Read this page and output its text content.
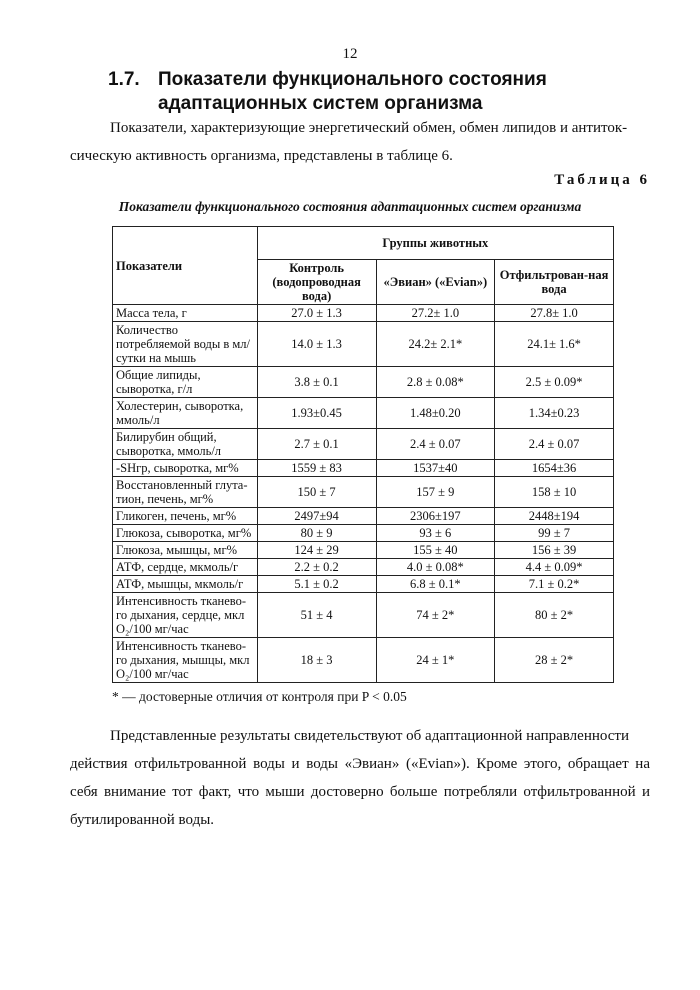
12
1.7. Показатели функционального состояния
адаптационных систем организма
Показатели, характеризующие энергетический обмен, обмен липидов и антиток-
сическую активность организма, представлены в таблице 6.
Таблица 6
Показатели функционального состояния адаптационных систем организма
Показатели	Группы животных		
	Контроль (водопроводная вода)	«Эвиан» («Evian»)	Отфильтрован-ная вода
Масса тела, г	27.0 ± 1.3	27.2± 1.0	27.8± 1.0
Количество потребляемой воды в мл/сутки на мышь	14.0 ± 1.3	24.2± 2.1*	24.1± 1.6*
Общие липиды, сыворотка, г/л	3.8 ± 0.1	2.8 ± 0.08*	2.5 ± 0.09*
Холестерин, сыворотка, ммоль/л	1.93±0.45	1.48±0.20	1.34±0.23
Билирубин общий, сыворотка, ммоль/л	2.7 ± 0.1	2.4 ± 0.07	2.4 ± 0.07
-SHгр, сыворотка, мг%	1559 ± 83	1537±40	1654±36
Восстановленный глута-тион, печень, мг%	150 ± 7	157 ± 9	158 ± 10
Гликоген, печень, мг%	2497±94	2306±197	2448±194
Глюкоза, сыворотка, мг%	80 ± 9	93 ± 6	99 ± 7
Глюкоза, мышцы, мг%	124 ± 29	155 ± 40	156 ± 39
АТФ, сердце, мкмоль/г	2.2 ± 0.2	4.0 ± 0.08*	4.4 ± 0.09*
АТФ, мышцы, мкмоль/г	5.1 ± 0.2	6.8 ± 0.1*	7.1 ± 0.2*
Интенсивность тканево-го дыхания, сердце, мкл O₂/100 мг/час	51 ± 4	74 ± 2*	80 ± 2*
Интенсивность тканево-го дыхания, мышцы, мкл O₂/100 мг/час	18 ± 3	24 ± 1*	28 ± 2*
* — достоверные отличия от контроля при P < 0.05
Представленные результаты свидетельствуют об адаптационной направленности
действия отфильтрованной воды и воды «Эвиан» («Evian»). Кроме этого, обращает на себя внимание тот факт, что мыши достоверно больше потребляли отфильтрованной и бутилированной воды.
